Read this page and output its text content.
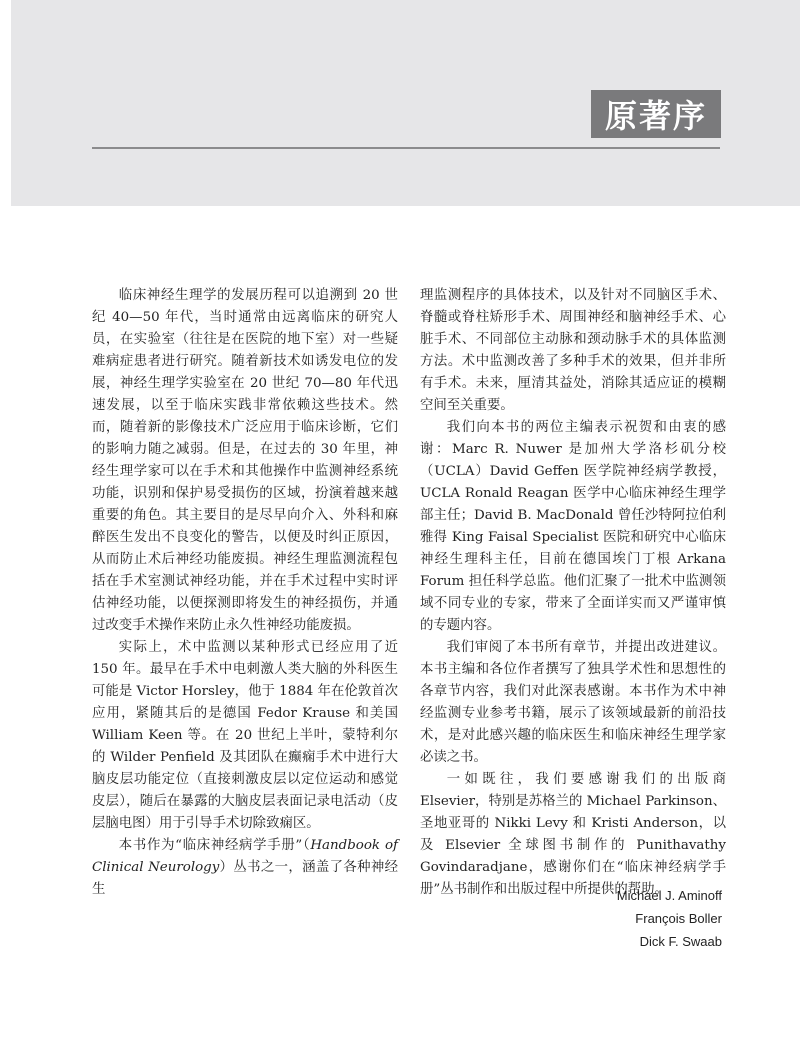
原著序

临床神经生理学的发展历程可以追溯到 20 世纪 40—50 年代，当时通常由远离临床的研究人员，在实验室（往往是在医院的地下室）对一些疑难病症患者进行研究。随着新技术如诱发电位的发展，神经生理学实验室在 20 世纪 70—80 年代迅速发展，以至于临床实践非常依赖这些技术。然而，随着新的影像技术广泛应用于临床诊断，它们的影响力随之减弱。但是，在过去的 30 年里，神经生理学家可以在手术和其他操作中监测神经系统功能，识别和保护易受损伤的区域，扮演着越来越重要的角色。其主要目的是尽早向介入、外科和麻醉医生发出不良变化的警告，以便及时纠正原因，从而防止术后神经功能废损。神经生理监测流程包括在手术室测试神经功能，并在手术过程中实时评估神经功能，以便探测即将发生的神经损伤，并通过改变手术操作来防止永久性神经功能废损。

实际上，术中监测以某种形式已经应用了近 150 年。最早在手术中电刺激人类大脑的外科医生可能是 Victor Horsley，他于 1884 年在伦敦首次应用，紧随其后的是德国 Fedor Krause 和美国 William Keen 等。在 20 世纪上半叶，蒙特利尔的 Wilder Penfield 及其团队在癫痫手术中进行大脑皮层功能定位（直接刺激皮层以定位运动和感觉皮层），随后在暴露的大脑皮层表面记录电活动（皮层脑电图）用于引导手术切除致痫区。

本书作为“临床神经病学手册”（Handbook of Clinical Neurology）丛书之一，涵盖了各种神经生

理监测程序的具体技术，以及针对不同脑区手术、脊髓或脊柱矫形手术、周围神经和脑神经手术、心脏手术、不同部位主动脉和颈动脉手术的具体监测方法。术中监测改善了多种手术的效果，但并非所有手术。未来，厘清其益处，消除其适应证的模糊空间至关重要。

我们向本书的两位主编表示祝贺和由衷的感谢：Marc R. Nuwer 是加州大学洛杉矶分校（UCLA）David Geffen 医学院神经病学教授，UCLA Ronald Reagan 医学中心临床神经生理学部主任；David B. MacDonald 曾任沙特阿拉伯利雅得 King Faisal Specialist 医院和研究中心临床神经生理科主任，目前在德国埃门丁根 Arkana Forum 担任科学总监。他们汇聚了一批术中监测领域不同专业的专家，带来了全面详实而又严谨审慎的专题内容。

我们审阅了本书所有章节，并提出改进建议。本书主编和各位作者撰写了独具学术性和思想性的各章节内容，我们对此深表感谢。本书作为术中神经监测专业参考书籍，展示了该领域最新的前沿技术，是对此感兴趣的临床医生和临床神经生理学家必读之书。

一如既往，我们要感谢我们的出版商 Elsevier，特别是苏格兰的 Michael Parkinson、圣地亚哥的 Nikki Levy 和 Kristi Anderson，以及 Elsevier 全球图书制作的 Punithavathy Govindaradjane，感谢你们在“临床神经病学手册”丛书制作和出版过程中所提供的帮助。

Michael J. Aminoff
François Boller
Dick F. Swaab
